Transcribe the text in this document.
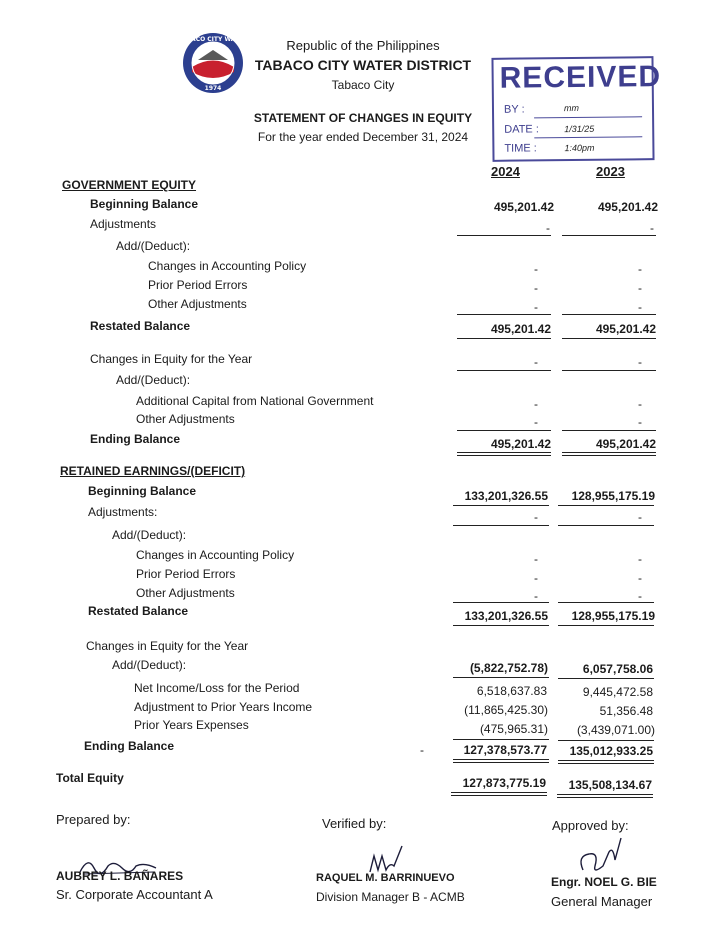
TABACO CITY WATER
1974
Republic of the Philippines
TABACO CITY WATER DISTRICT
Tabaco City
STATEMENT OF CHANGES IN EQUITY
For the year ended December 31, 2024
RECEIVED
BY :	mm
DATE :	1/31/25
TIME :	1:40pm
2024	2023
GOVERNMENT EQUITY
Beginning Balance	495,201.42	495,201.42
Adjustments	-	-
Add/(Deduct):
Changes in Accounting Policy	-	-
Prior Period Errors	-	-
Other Adjustments	-	-
Restated Balance	495,201.42	495,201.42
Changes in Equity for the Year	-	-
Add/(Deduct):
Additional Capital from National Government	-	-
Other Adjustments	-	-
Ending Balance	495,201.42	495,201.42
RETAINED EARNINGS/(DEFICIT)
Beginning Balance	133,201,326.55	128,955,175.19
Adjustments:	-	-
Add/(Deduct):
Changes in Accounting Policy	-	-
Prior Period Errors	-	-
Other Adjustments	-	-
Restated Balance	133,201,326.55	128,955,175.19
Changes in Equity for the Year
Add/(Deduct):	(5,822,752.78)	6,057,758.06
Net Income/Loss for the Period	6,518,637.83	9,445,472.58
Adjustment to Prior Years Income	(11,865,425.30)	51,356.48
Prior Years Expenses	(475,965.31)	(3,439,071.00)
Ending Balance	-	127,378,573.77	135,012,933.25
Total Equity	127,873,775.19	135,508,134.67
Prepared by:	Verified by:	Approved by:
AUBREY L. BAÑARES
Sr. Corporate Accountant A
RAQUEL M. BARRINUEVO
Division Manager B - ACMB
Engr. NOEL G. BIE
General Manager
